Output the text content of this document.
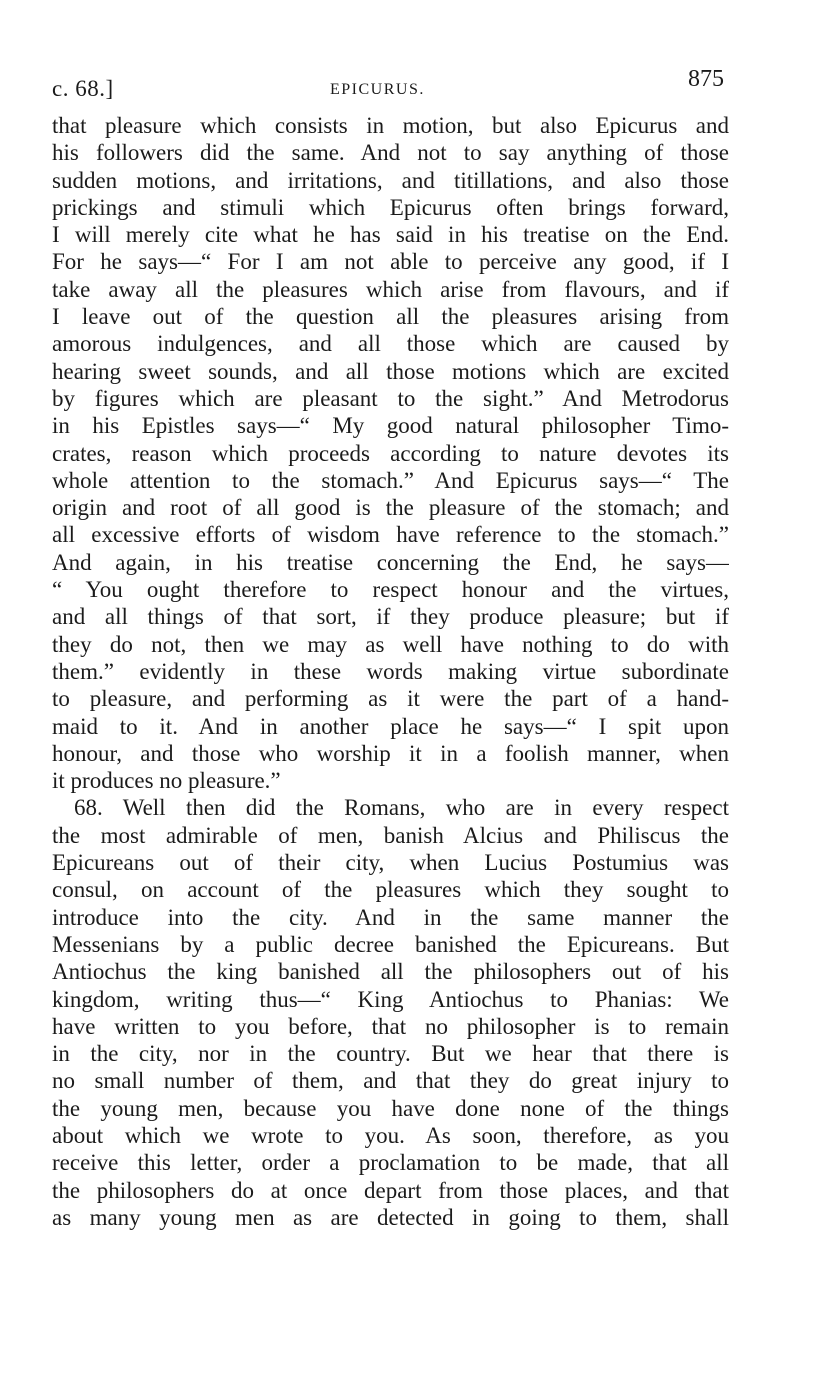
c. 68.]	EPICURUS.	875
that pleasure which consists in motion, but also Epicurus and
his followers did the same. And not to say anything of those
sudden motions, and irritations, and titillations, and also those
prickings and stimuli which Epicurus often brings forward,
I will merely cite what he has said in his treatise on the End.
For he says—“ For I am not able to perceive any good, if I
take away all the pleasures which arise from flavours, and if
I leave out of the question all the pleasures arising from
amorous indulgences, and all those which are caused by
hearing sweet sounds, and all those motions which are excited
by figures which are pleasant to the sight.” And Metrodorus
in his Epistles says—“ My good natural philosopher Timo-
crates, reason which proceeds according to nature devotes its
whole attention to the stomach.” And Epicurus says—“ The
origin and root of all good is the pleasure of the stomach; and
all excessive efforts of wisdom have reference to the stomach.”
And again, in his treatise concerning the End, he says—
“ You ought therefore to respect honour and the virtues,
and all things of that sort, if they produce pleasure; but if
they do not, then we may as well have nothing to do with
them.” evidently in these words making virtue subordinate
to pleasure, and performing as it were the part of a hand-
maid to it. And in another place he says—“ I spit upon
honour, and those who worship it in a foolish manner, when
it produces no pleasure.”
68. Well then did the Romans, who are in every respect
the most admirable of men, banish Alcius and Philiscus the
Epicureans out of their city, when Lucius Postumius was
consul, on account of the pleasures which they sought to
introduce into the city. And in the same manner the
Messenians by a public decree banished the Epicureans. But
Antiochus the king banished all the philosophers out of his
kingdom, writing thus—“ King Antiochus to Phanias: We
have written to you before, that no philosopher is to remain
in the city, nor in the country. But we hear that there is
no small number of them, and that they do great injury to
the young men, because you have done none of the things
about which we wrote to you. As soon, therefore, as you
receive this letter, order a proclamation to be made, that all
the philosophers do at once depart from those places, and that
as many young men as are detected in going to them, shall
